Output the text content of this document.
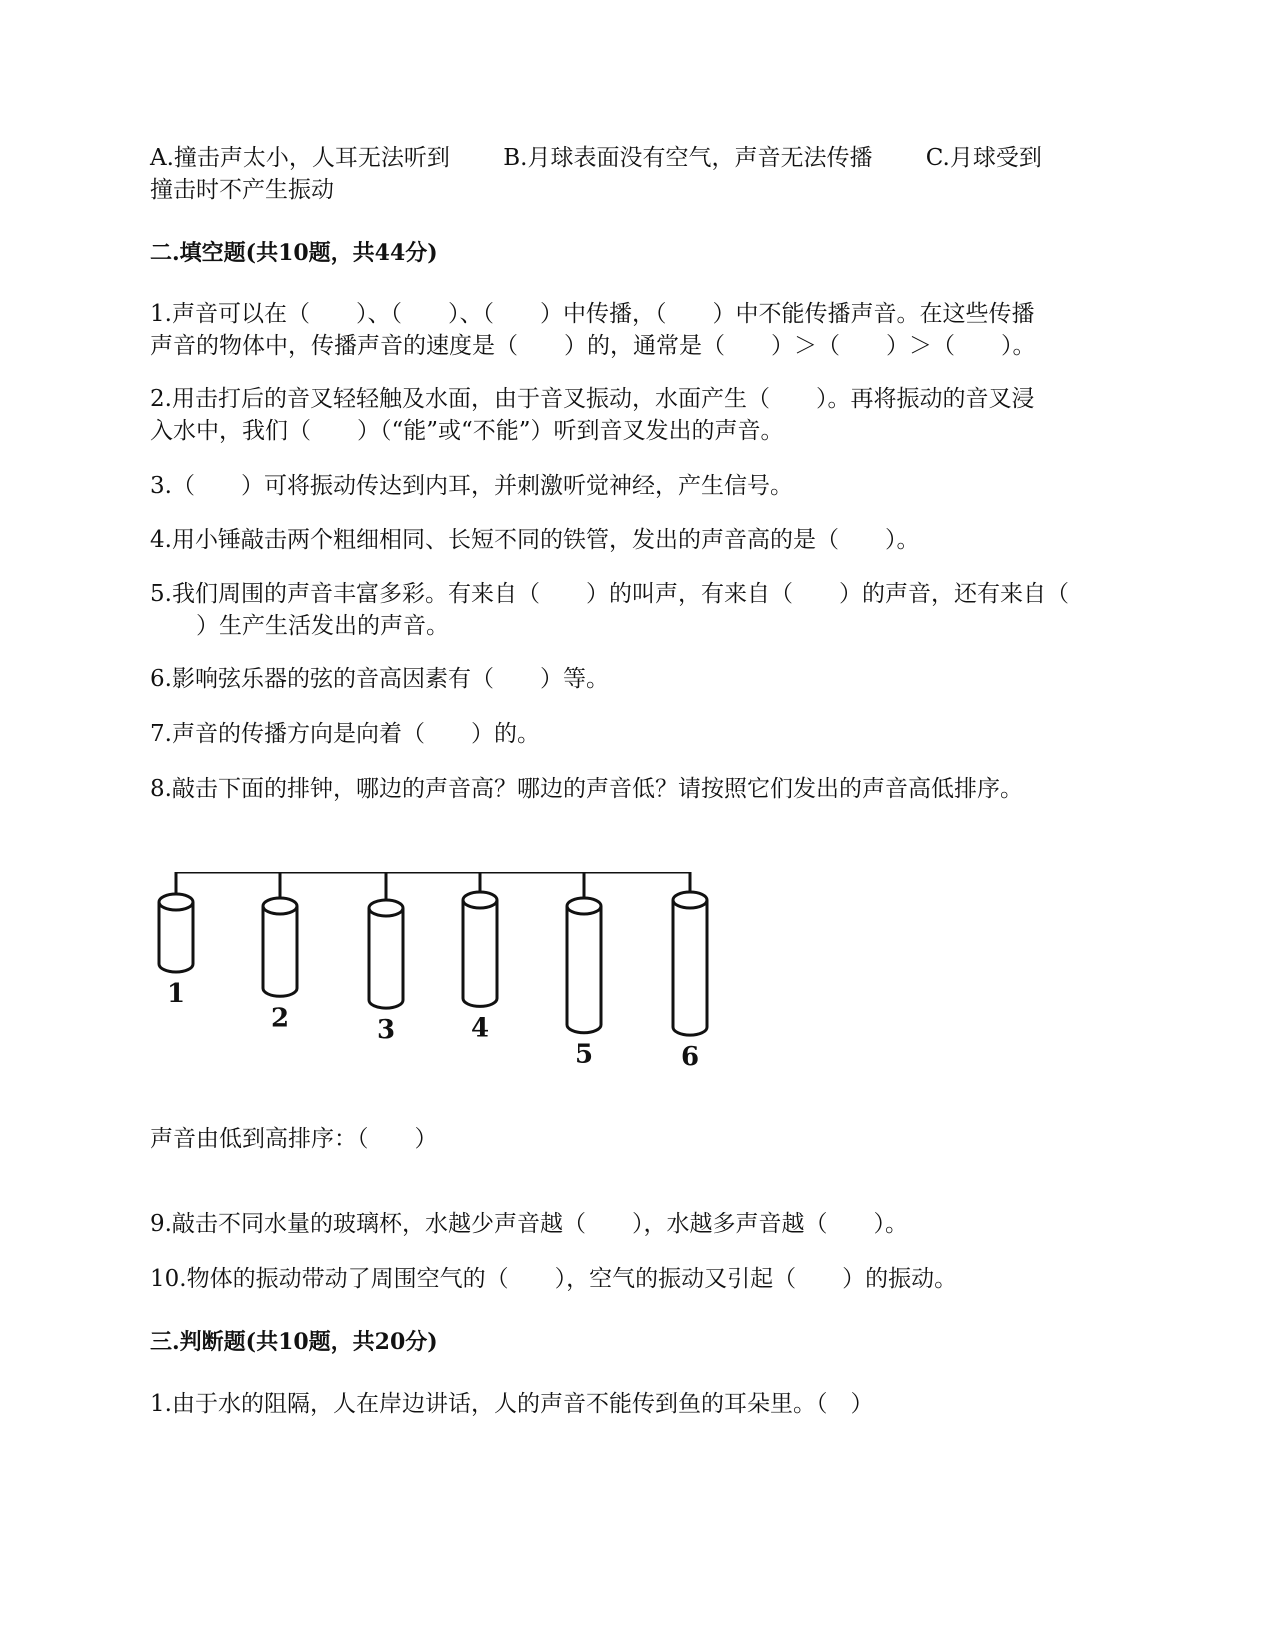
A.撞击声太小，人耳无法听到　　 B.月球表面没有空气，声音无法传播　　 C.月球受到
撞击时不产生振动
二.填空题(共10题，共44分)
1.声音可以在（　　）、（　　）、（　　）中传播，（　　）中不能传播声音。在这些传播
声音的物体中，传播声音的速度是（　　）的，通常是（　　）＞（　　）＞（　　）。
2.用击打后的音叉轻轻触及水面，由于音叉振动，水面产生（　　）。再将振动的音叉浸
入水中，我们（　　）（“能”或“不能”）听到音叉发出的声音。
3.（　　）可将振动传达到内耳，并刺激听觉神经，产生信号。
4.用小锤敲击两个粗细相同、长短不同的铁管，发出的声音高的是（　　）。
5.我们周围的声音丰富多彩。有来自（　　）的叫声，有来自（　　）的声音，还有来自（
　　）生产生活发出的声音。
6.影响弦乐器的弦的音高因素有（　　）等。
7.声音的传播方向是向着（　　）的。
8.敲击下面的排钟，哪边的声音高？哪边的声音低？请按照它们发出的声音高低排序。
声音由低到高排序：（　　）
9.敲击不同水量的玻璃杯，水越少声音越（　　），水越多声音越（　　）。
10.物体的振动带动了周围空气的（　　），空气的振动又引起（　　）的振动。
三.判断题(共10题，共20分)
1.由于水的阻隔，人在岸边讲话，人的声音不能传到鱼的耳朵里。（　）
1
2	3	4
5	6
